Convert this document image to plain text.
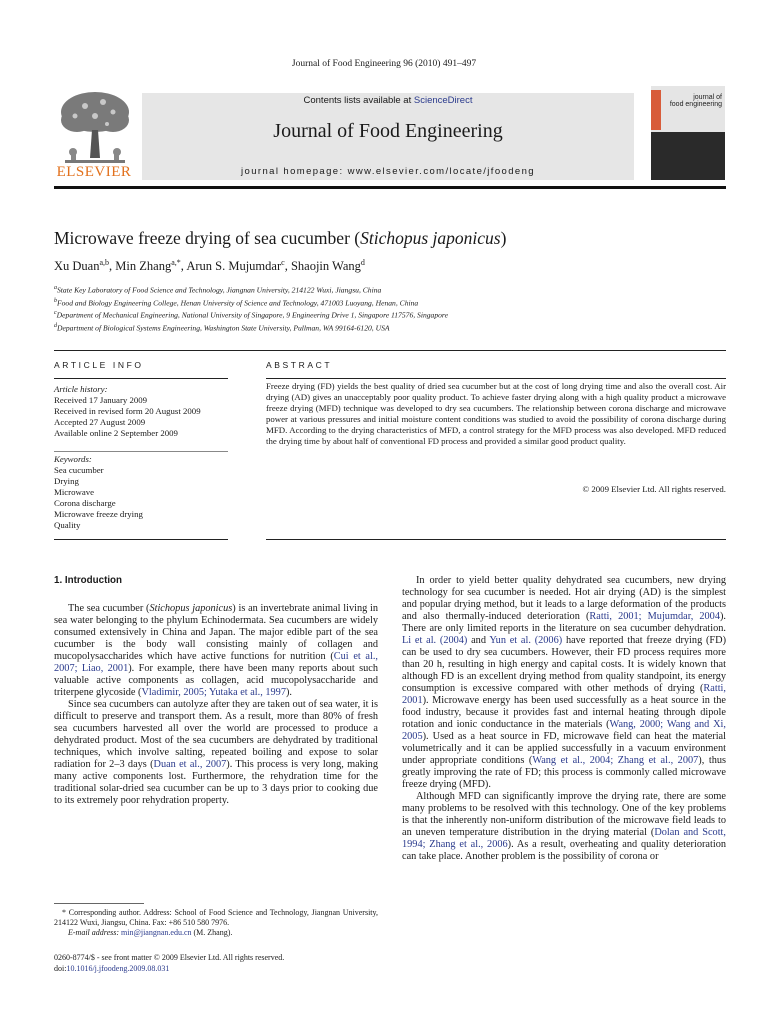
Journal of Food Engineering 96 (2010) 491–497
Contents lists available at ScienceDirect
Journal of Food Engineering
journal homepage: www.elsevier.com/locate/jfoodeng
ELSEVIER
journal of
food engineering
Microwave freeze drying of sea cucumber (Stichopus japonicus)
Xu Duan$^{a,b}$, Min Zhang$^{a,*}$, Arun S. Mujumdar$^c$, Shaojin Wang$^d$
$^a$State Key Laboratory of Food Science and Technology, Jiangnan University, 214122 Wuxi, Jiangsu, China
$^b$Food and Biology Engineering College, Henan University of Science and Technology, 471003 Luoyang, Henan, China
$^c$Department of Mechanical Engineering, National University of Singapore, 9 Engineering Drive 1, Singapore 117576, Singapore
$^d$Department of Biological Systems Engineering, Washington State University, Pullman, WA 99164-6120, USA
ARTICLE INFO	ABSTRACT
Article history:
Received 17 January 2009
Received in revised form 20 August 2009
Accepted 27 August 2009
Available online 2 September 2009
Keywords:
Sea cucumber
Drying
Microwave
Corona discharge
Microwave freeze drying
Quality
Freeze drying (FD) yields the best quality of dried sea cucumber but at the cost of long drying time and also the overall cost. Air drying (AD) gives an unacceptably poor quality product. To achieve faster drying along with a high quality product a microwave freeze drying (MFD) technique was developed to dry sea cucumbers. The relationship between corona discharge and microwave power at various pressures and initial moisture content conditions was studied to avoid the possibility of corona discharge during MFD. According to the drying characteristics of MFD, a control strategy for the MFD process was also developed. MFD reduced the drying time by about half of conventional FD process and provided a similar good product quality.
© 2009 Elsevier Ltd. All rights reserved.
1. Introduction

The sea cucumber (Stichopus japonicus) is an invertebrate animal living in sea water belonging to the phylum Echinodermata. Sea cucumbers are widely consumed extensively in China and Japan. The major edible part of the sea cucumber is the body wall consisting mainly of collagen and mucopolysaccharides which have active functions for nutrition (Cui et al., 2007; Liao, 2001). For example, there have been many reports about such valuable active components as collagen, acid mucopolysaccharide and triterpene glycoside (Vladimir, 2005; Yutaka et al., 1997).

Since sea cucumbers can autolyze after they are taken out of sea water, it is difficult to preserve and transport them. As a result, more than 80% of fresh sea cucumbers harvested all over the world are processed to produce a dehydrated product. Most of the sea cucumbers are dehydrated by traditional techniques, which involve salting, repeated boiling and expose to solar radiation for 2–3 days (Duan et al., 2007). This process is very long, making many active components lost. Furthermore, the rehydration time for the traditional solar-dried sea cucumber can be up to 3 days prior to cooking due to its extremely poor rehydration property.

In order to yield better quality dehydrated sea cucumbers, new drying technology for sea cucumber is needed. Hot air drying (AD) is the simplest and popular drying method, but it leads to a large deformation of the products and also thermally-induced deterioration (Ratti, 2001; Mujumdar, 2004). There are only limited reports in the literature on sea cucumber dehydration. Li et al. (2004) and Yun et al. (2006) have reported that freeze drying (FD) can be used to dry sea cucumbers. However, their FD process requires more than 20 h, resulting in high energy and capital costs. It is widely known that although FD is an excellent drying method from quality standpoint, its energy consumption is excessive compared with other methods of drying (Ratti, 2001). Microwave energy has been used successfully as a heat source in the food industry, because it provides fast and internal heating through dipole rotation and ionic conductance in the materials (Wang, 2000; Wang and Xi, 2005). Used as a heat source in FD, microwave field can heat the material volumetrically and it can be applied successfully in a vacuum environment under appropriate conditions (Wang et al., 2004; Zhang et al., 2007), thus greatly improving the rate of FD; this process is commonly called microwave freeze drying (MFD).

Although MFD can significantly improve the drying rate, there are some many problems to be resolved with this technology. One of the key problems is that the inherently non-uniform distribution of the microwave field leads to an uneven temperature distribution in the drying material (Dolan and Scott, 1994; Zhang et al., 2006). As a result, overheating and quality deterioration can take place. Another problem is the possibility of corona or

* Corresponding author. Address: School of Food Science and Technology, Jiangnan University, 214122 Wuxi, Jiangsu, China. Fax: +86 510 580 7976.
E-mail address: min@jiangnan.edu.cn (M. Zhang).
0260-8774/$ - see front matter © 2009 Elsevier Ltd. All rights reserved.
doi:10.1016/j.jfoodeng.2009.08.031
